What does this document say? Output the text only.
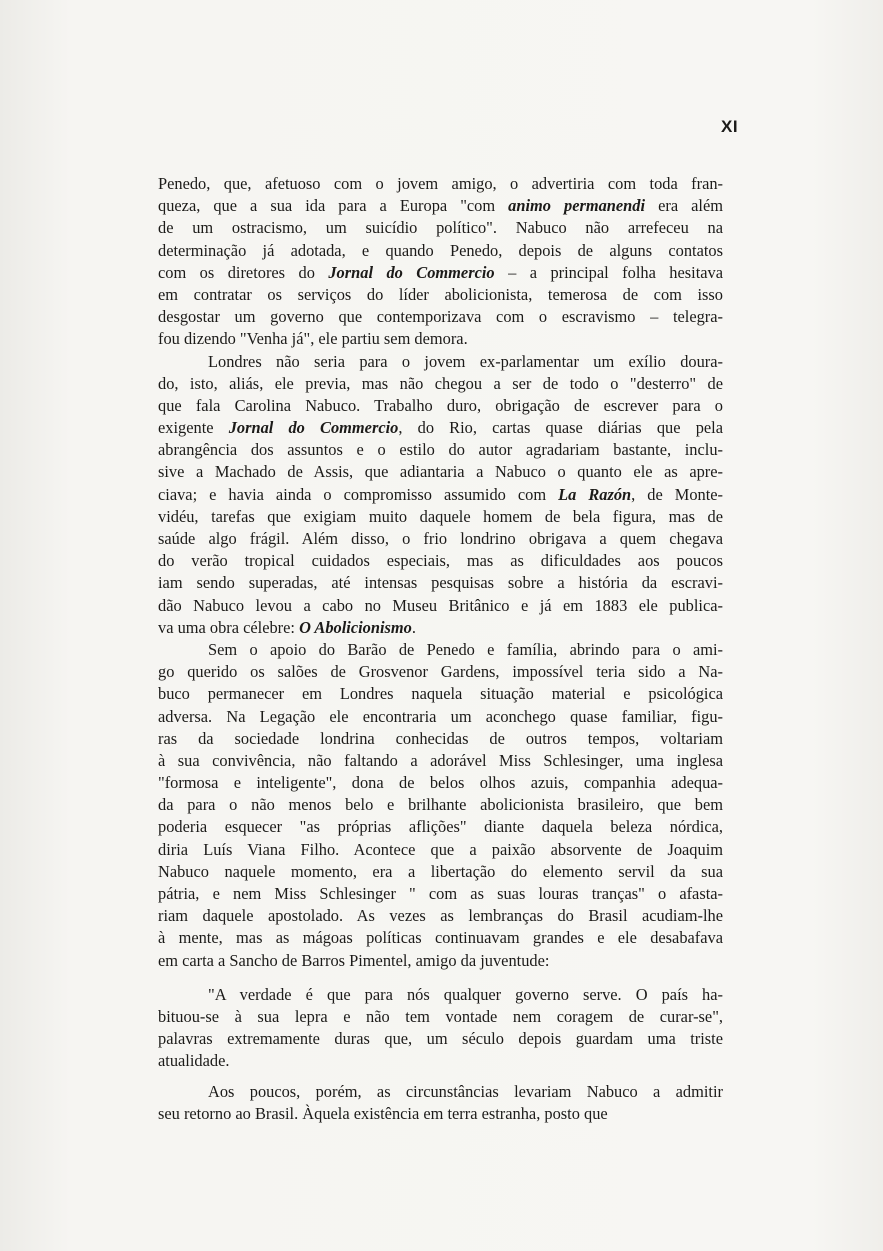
XI
Penedo, que, afetuoso com o jovem amigo, o advertiria com toda fran-
queza, que a sua ida para a Europa "com animo permanendi era além
de um ostracismo, um suicídio político". Nabuco não arrefeceu na
determinação já adotada, e quando Penedo, depois de alguns contatos
com os diretores do Jornal do Commercio – a principal folha hesitava
em contratar os serviços do líder abolicionista, temerosa de com isso
desgostar um governo que contemporizava com o escravismo – telegra-
fou dizendo "Venha já", ele partiu sem demora.
Londres não seria para o jovem ex-parlamentar um exílio doura-
do, isto, aliás, ele previa, mas não chegou a ser de todo o "desterro" de
que fala Carolina Nabuco. Trabalho duro, obrigação de escrever para o
exigente Jornal do Commercio, do Rio, cartas quase diárias que pela
abrangência dos assuntos e o estilo do autor agradariam bastante, inclu-
sive a Machado de Assis, que adiantaria a Nabuco o quanto ele as apre-
ciava; e havia ainda o compromisso assumido com La Razón, de Monte-
vidéu, tarefas que exigiam muito daquele homem de bela figura, mas de
saúde algo frágil. Além disso, o frio londrino obrigava a quem chegava
do verão tropical cuidados especiais, mas as dificuldades aos poucos
iam sendo superadas, até intensas pesquisas sobre a história da escravi-
dão Nabuco levou a cabo no Museu Britânico e já em 1883 ele publica-
va uma obra célebre: O Abolicionismo.
Sem o apoio do Barão de Penedo e família, abrindo para o ami-
go querido os salões de Grosvenor Gardens, impossível teria sido a Na-
buco permanecer em Londres naquela situação material e psicológica
adversa. Na Legação ele encontraria um aconchego quase familiar, figu-
ras da sociedade londrina conhecidas de outros tempos, voltariam
à sua convivência, não faltando a adorável Miss Schlesinger, uma inglesa
"formosa e inteligente", dona de belos olhos azuis, companhia adequa-
da para o não menos belo e brilhante abolicionista brasileiro, que bem
poderia esquecer "as próprias aflições" diante daquela beleza nórdica,
diria Luís Viana Filho. Acontece que a paixão absorvente de Joaquim
Nabuco naquele momento, era a libertação do elemento servil da sua
pátria, e nem Miss Schlesinger " com as suas louras tranças" o afasta-
riam daquele apostolado. As vezes as lembranças do Brasil acudiam-lhe
à mente, mas as mágoas políticas continuavam grandes e ele desabafava
em carta a Sancho de Barros Pimentel, amigo da juventude:
"A verdade é que para nós qualquer governo serve. O país ha-
bituou-se à sua lepra e não tem vontade nem coragem de curar-se",
palavras extremamente duras que, um século depois guardam uma triste
atualidade.
Aos poucos, porém, as circunstâncias levariam Nabuco a admitir
seu retorno ao Brasil. Àquela existência em terra estranha, posto que
